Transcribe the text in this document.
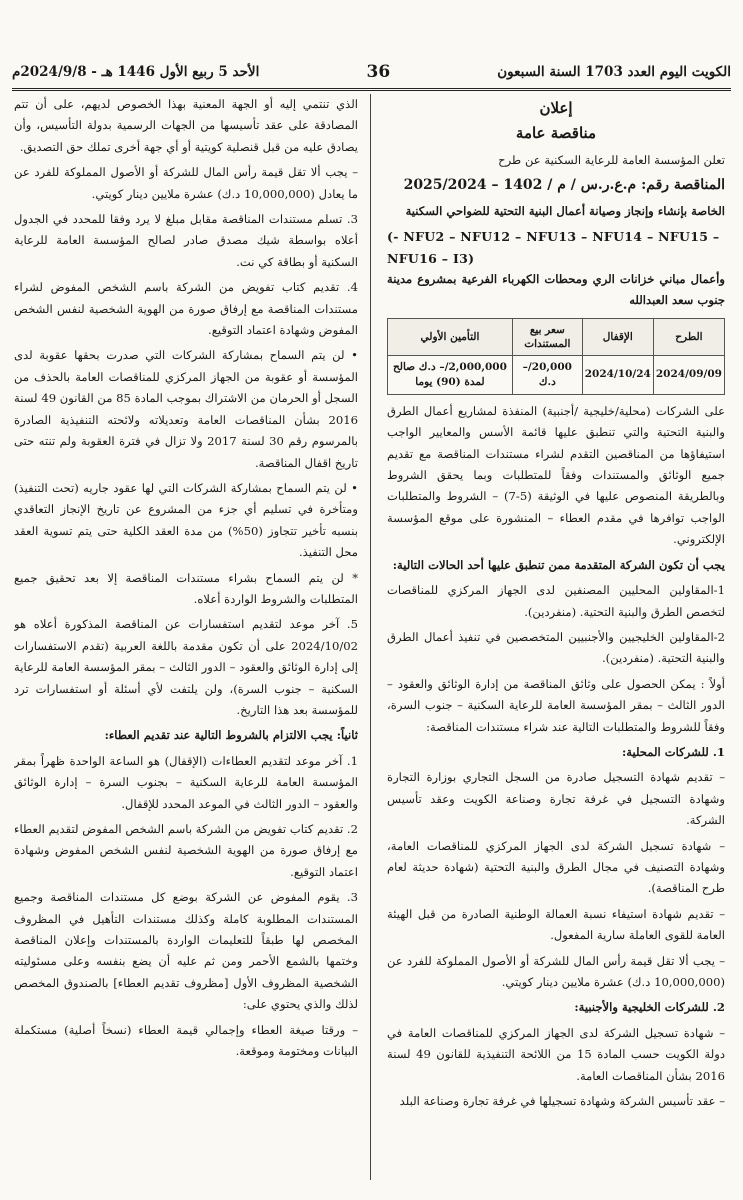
الكويت اليوم العدد 1703 السنة السبعون
36
الأحد 5 ربيع الأول 1446 هـ - 2024/9/8م
إعلان
مناقصة عامة

تعلن المؤسسة العامة للرعاية السكنية عن طرح

المناقصة رقم: م.ع.ر.س / م / 1402 – 2025/2024

الخاصة بإنشاء وإنجاز وصيانة أعمال البنية التحتية للضواحي السكنية

(- NFU2 – NFU12 – NFU13 – NFU14 – NFU15 – NFU16 – I3)

وأعمال مباني خزانات الري ومحطات الكهرباء الفرعية بمشروع مدينة جنوب سعد العبدالله

الطرح	الإقفال	سعر بيع المستندات	التأمين الأولي
2024/09/09	2024/10/24	20,000/– د.ك	2,000,000/– د.ك صالح لمدة (90) يوما

على الشركات (محلية/خليجية /أجنبية) المنفذة لمشاريع أعمال الطرق والبنية التحتية والتي تنطبق عليها قائمة الأسس والمعايير الواجب استيفاؤها من المناقصين التقدم لشراء مستندات المناقصة مع تقديم جميع الوثائق والمستندات وفقاً للمتطلبات وبما يحقق الشروط وبالطريقة المنصوص عليها في الوثيقة (5-7) – الشروط والمتطلبات الواجب توافرها في مقدم العطاء – المنشورة على موقع المؤسسة الإلكتروني.

يجب أن تكون الشركة المتقدمة ممن تنطبق عليها أحد الحالات التالية:

1-المقاولين المحليين المصنفين لدى الجهاز المركزي للمناقصات لتخصص الطرق والبنية التحتية. (منفردين).

2-المقاولين الخليجيين والأجنبيين المتخصصين في تنفيذ أعمال الطرق والبنية التحتية. (منفردين).

أولاً : يمكن الحصول على وثائق المناقصة من إدارة الوثائق والعقود – الدور الثالث – بمقر المؤسسة العامة للرعاية السكنية – جنوب السرة، وفقاً للشروط والمتطلبات التالية عند شراء مستندات المناقصة:

1. للشركات المحلية:

– تقديم شهادة التسجيل صادرة من السجل التجاري بوزارة التجارة وشهادة التسجيل في غرفة تجارة وصناعة الكويت وعقد تأسيس الشركة.

– شهادة تسجيل الشركة لدى الجهاز المركزي للمناقصات العامة، وشهادة التصنيف في مجال الطرق والبنية التحتية (شهادة حديثة لعام طرح المناقصة).

– تقديم شهادة استيفاء نسبة العمالة الوطنية الصادرة من قبل الهيئة العامة للقوى العاملة سارية المفعول.

– يجب ألا تقل قيمة رأس المال للشركة أو الأصول المملوكة للفرد عن (10,000,000 د.ك) عشرة ملايين دينار كويتي.

2. للشركات الخليجية والأجنبية:

– شهادة تسجيل الشركة لدى الجهاز المركزي للمناقصات العامة في دولة الكويت حسب المادة 15 من اللائحة التنفيذية للقانون 49 لسنة 2016 بشأن المناقصات العامة.

– عقد تأسيس الشركة وشهادة تسجيلها في غرفة تجارة وصناعة البلد

الذي تنتمي إليه أو الجهة المعنية بهذا الخصوص لديهم، على أن تتم المصادقة على عقد تأسيسها من الجهات الرسمية بدولة التأسيس، وأن يصادق عليه من قبل قنصلية كويتية أو أي جهة أخرى تملك حق التصديق.

– يجب ألا تقل قيمة رأس المال للشركة أو الأصول المملوكة للفرد عن ما يعادل (10,000,000 د.ك) عشرة ملايين دينار كويتي.

3. تسلم مستندات المناقصة مقابل مبلغ لا يرد وفقا للمحدد في الجدول أعلاه بواسطة شيك مصدق صادر لصالح المؤسسة العامة للرعاية السكنية أو بطاقة كي نت.

4. تقديم كتاب تفويض من الشركة باسم الشخص المفوض لشراء مستندات المناقصة مع إرفاق صورة من الهوية الشخصية لنفس الشخص المفوض وشهادة اعتماد التوقيع.

• لن يتم السماح بمشاركة الشركات التي صدرت بحقها عقوبة لدى المؤسسة أو عقوبة من الجهاز المركزي للمناقصات العامة بالحذف من السجل أو الحرمان من الاشتراك بموجب المادة 85 من القانون 49 لسنة 2016 بشأن المناقصات العامة وتعديلاته ولائحته التنفيذية الصادرة بالمرسوم رقم 30 لسنة 2017 ولا تزال في فترة العقوبة ولم تنته حتى تاريخ اقفال المناقصة.

• لن يتم السماح بمشاركة الشركات التي لها عقود جاريه (تحت التنفيذ) ومتأخرة في تسليم أي جزء من المشروع عن تاريخ الإنجاز التعاقدي بنسبه تأخير تتجاوز (50%) من مدة العقد الكلية حتى يتم تسوية العقد محل التنفيذ.

* لن يتم السماح بشراء مستندات المناقصة إلا بعد تحقيق جميع المتطلبات والشروط الواردة أعلاه.

5. آخر موعد لتقديم استفسارات عن المناقصة المذكورة أعلاه هو 2024/10/02 على أن تكون مقدمة باللغة العربية (تقدم الاستفسارات إلى إدارة الوثائق والعقود – الدور الثالث – بمقر المؤسسة العامة للرعاية السكنية – جنوب السرة)، ولن يلتفت لأي أسئلة أو استفسارات ترد للمؤسسة بعد هذا التاريخ.

ثانياً: يجب الالتزام بالشروط التالية عند تقديم العطاء:

1. آخر موعد لتقديم العطاءات (الإقفال) هو الساعة الواحدة ظهراً بمقر المؤسسة العامة للرعاية السكنية – بجنوب السرة – إدارة الوثائق والعقود – الدور الثالث في الموعد المحدد للإقفال.

2. تقديم كتاب تفويض من الشركة باسم الشخص المفوض لتقديم العطاء مع إرفاق صورة من الهوية الشخصية لنفس الشخص المفوض وشهادة اعتماد التوقيع.

3. يقوم المفوض عن الشركة بوضع كل مستندات المناقصة وجميع المستندات المطلوبة كاملة وكذلك مستندات التأهيل في المظروف المخصص لها طبقاً للتعليمات الواردة بالمستندات وإعلان المناقصة وختمها بالشمع الأحمر ومن ثم عليه أن يضع بنفسه وعلى مسئوليته الشخصية المظروف الأول [مظروف تقديم العطاء] بالصندوق المخصص لذلك والذي يحتوي على:

– ورقتا صيغة العطاء وإجمالي قيمة العطاء (نسخاً أصلية) مستكملة البيانات ومختومة وموقعة.
